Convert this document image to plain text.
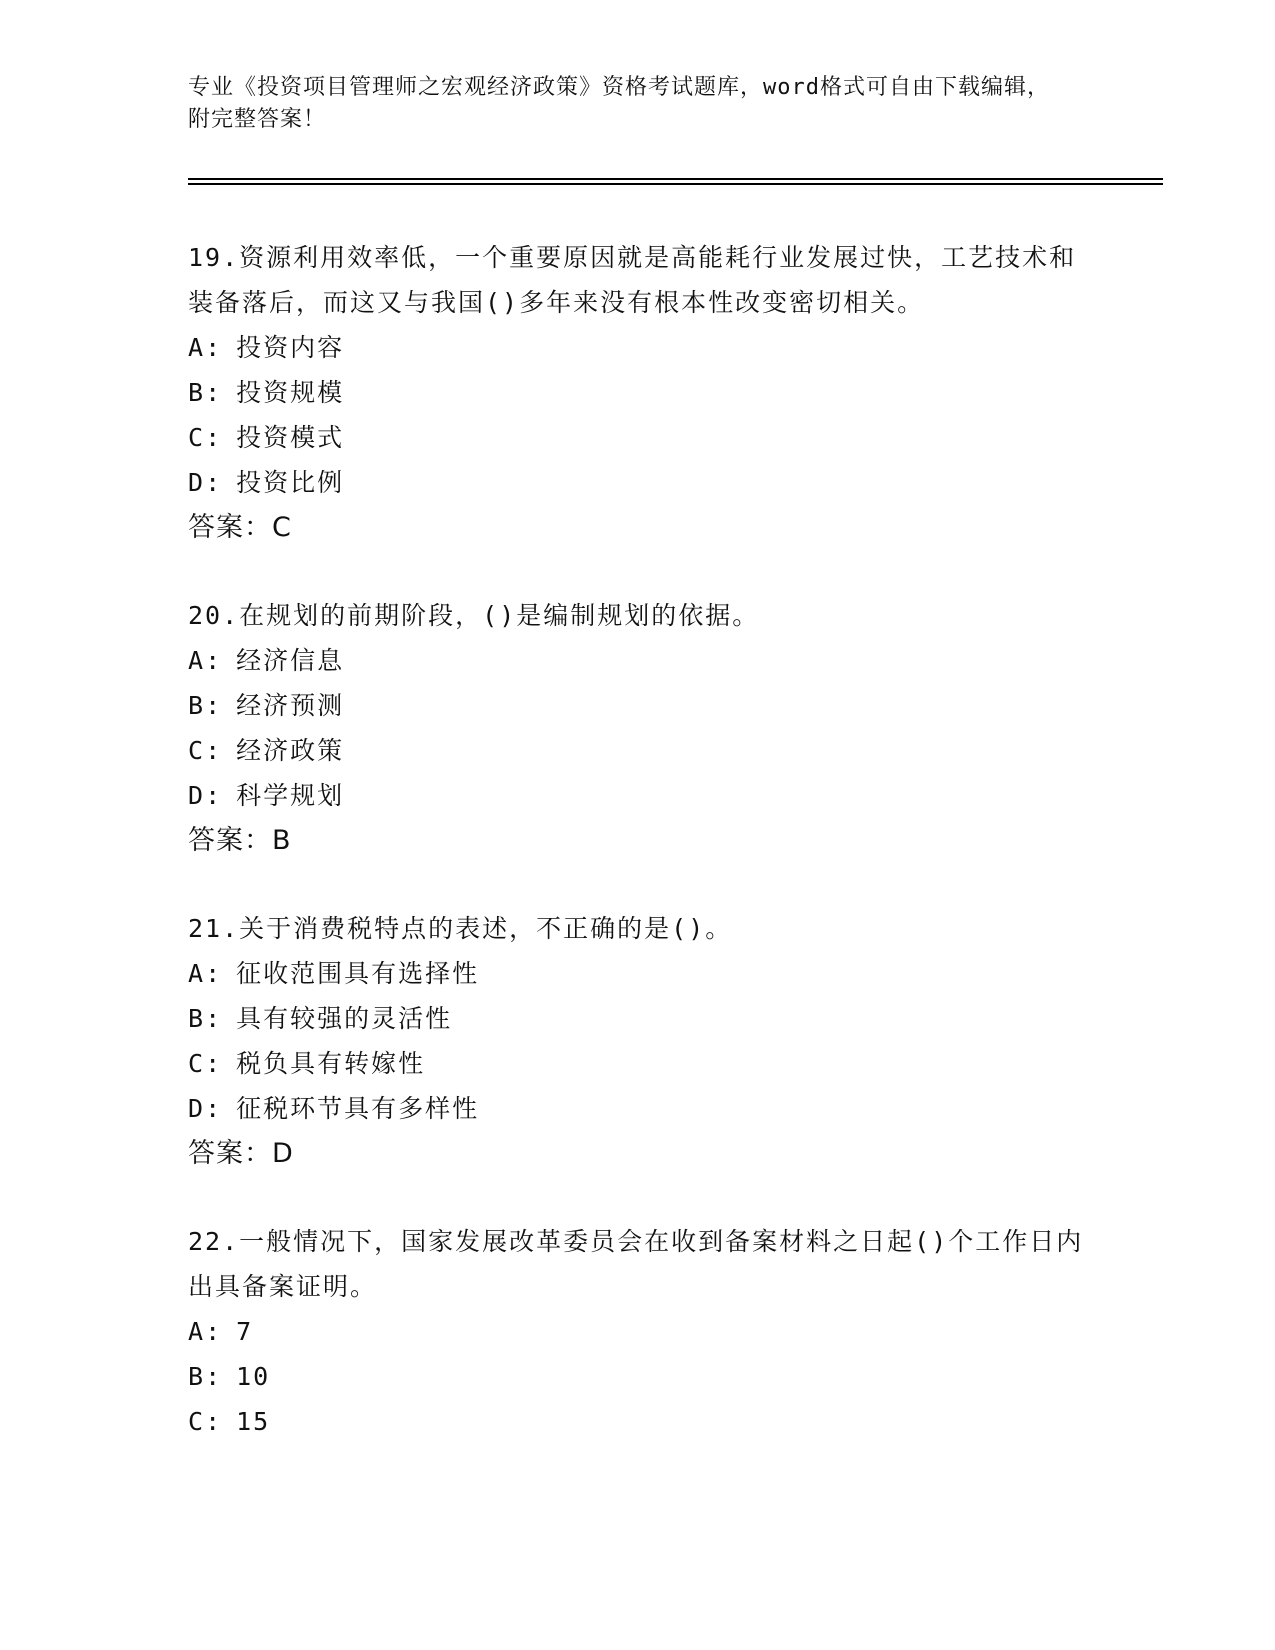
专业《投资项目管理师之宏观经济政策》资格考试题库，word格式可自由下载编辑，附完整答案！
19.资源利用效率低，一个重要原因就是高能耗行业发展过快，工艺技术和装备落后，而这又与我国()多年来没有根本性改变密切相关。
A: 投资内容
B: 投资规模
C: 投资模式
D: 投资比例
答案：C
20.在规划的前期阶段，()是编制规划的依据。
A: 经济信息
B: 经济预测
C: 经济政策
D: 科学规划
答案：B
21.关于消费税特点的表述，不正确的是()。
A: 征收范围具有选择性
B: 具有较强的灵活性
C: 税负具有转嫁性
D: 征税环节具有多样性
答案：D
22.一般情况下，国家发展改革委员会在收到备案材料之日起()个工作日内出具备案证明。
A: 7
B: 10
C: 15
